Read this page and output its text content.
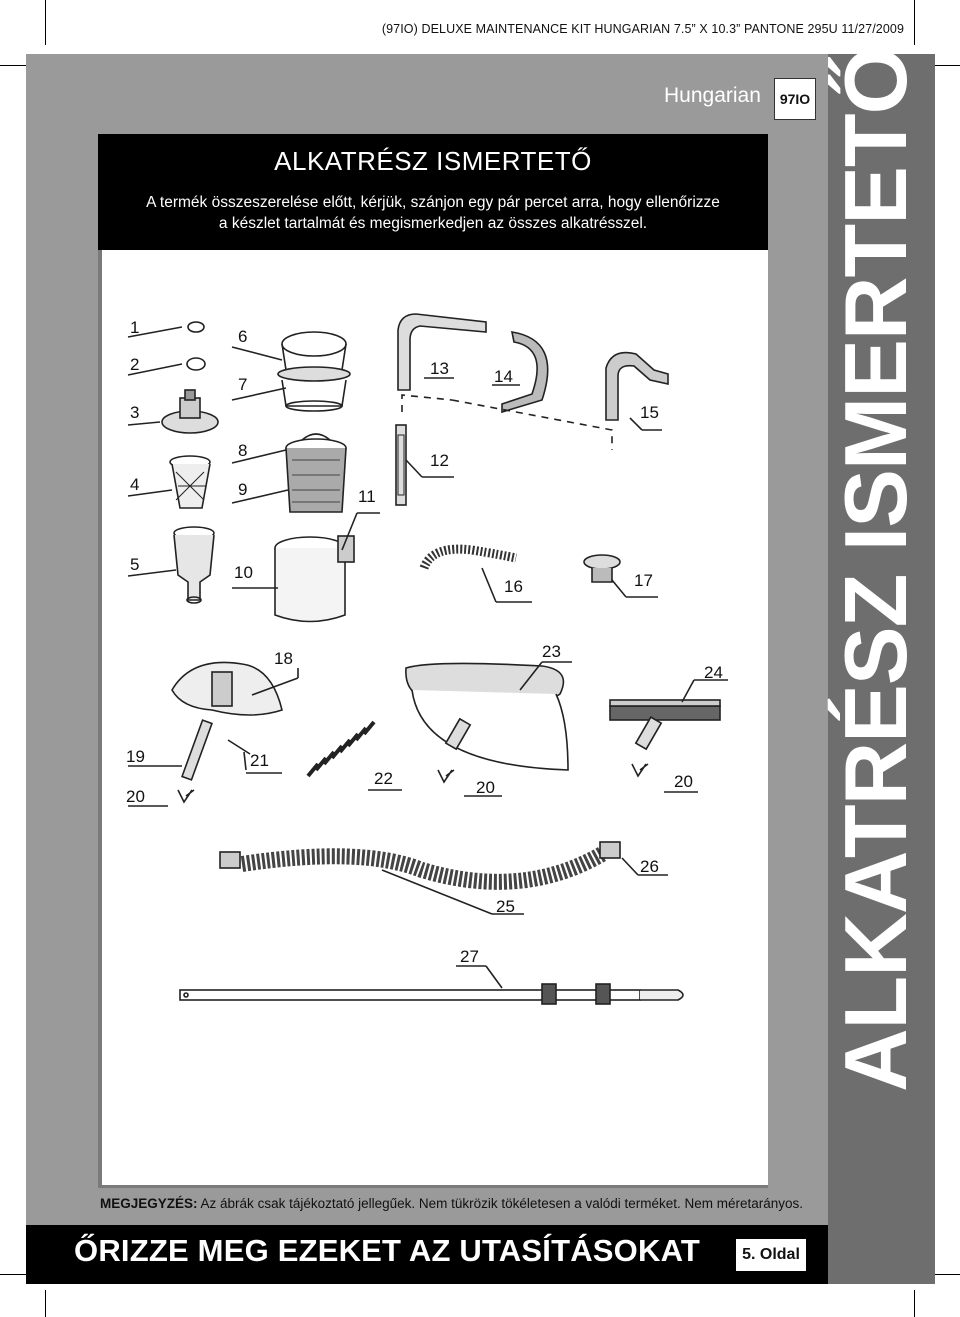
(97IO) DELUXE MAINTENANCE KIT HUNGARIAN 7.5” X 10.3” PANTONE 295U 11/27/2009
ALKATRÉSZ ISMERTETŐ
Hungarian	97IO
ALKATRÉSZ ISMERTETŐ
A termék összeszerelése előtt, kérjük, szánjon egy pár percet arra, hogy ellenőrizze
a készlet tartalmát és megismerkedjen az összes alkatrésszel.
1
2
3
4
5
6
7
8
9
10
11
12
13	14
15
16	17
18
19
20	20	20
21
22
23
24
25
26
27
MEGJEGYZÉS: Az ábrák csak tájékoztató jellegűek. Nem tükrözik tökéletesen a valódi terméket. Nem méretarányos.
ŐRIZZE MEG EZEKET AZ UTASÍTÁSOKAT	5. Oldal
